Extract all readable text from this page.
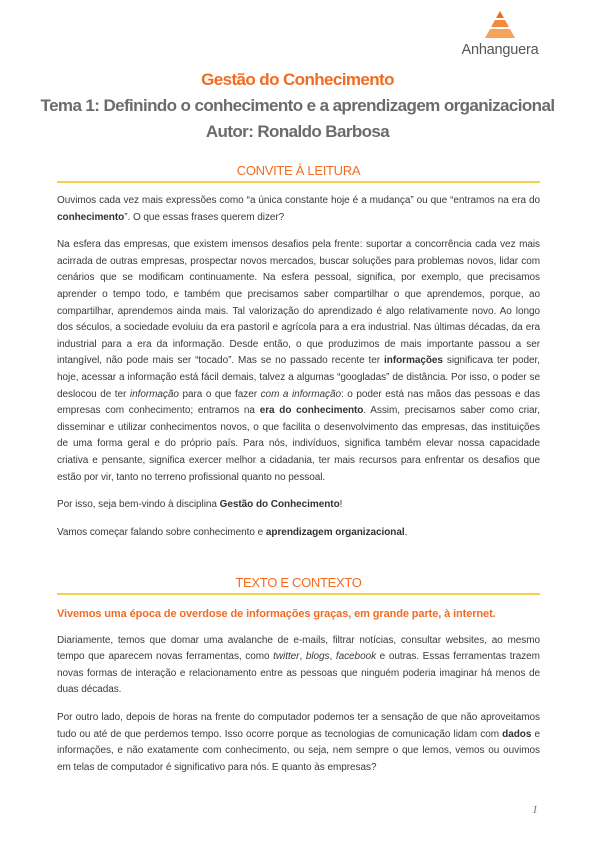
Anhanguera
Gestão do Conhecimento
Tema 1: Definindo o conhecimento e a aprendizagem organizacional
Autor: Ronaldo Barbosa
CONVITE À LEITURA

Ouvimos cada vez mais expressões como “a única constante hoje é a mudança” ou que “entramos na era do conhecimento”. O que essas frases querem dizer?

Na esfera das empresas, que existem imensos desafios pela frente: suportar a concorrência cada vez mais acirrada de outras empresas, prospectar novos mercados, buscar soluções para problemas novos, lidar com cenários que se modificam continuamente. Na esfera pessoal, significa, por exemplo, que precisamos aprender o tempo todo, e também que precisamos saber compartilhar o que aprendemos, porque, ao compartilhar, aprendemos ainda mais. Tal valorização do aprendizado é algo relativamente novo. Ao longo dos séculos, a sociedade evoluiu da era pastoril e agrícola para a era industrial. Nas últimas décadas, da era industrial para a era da informação. Desde então, o que produzimos de mais importante passou a ser intangível, não pode mais ser “tocado”. Mas se no passado recente ter informações significava ter poder, hoje, acessar a informação está fácil demais, talvez a algumas “googladas” de distância. Por isso, o poder se deslocou de ter informação para o que fazer com a informação: o poder está nas mãos das pessoas e das empresas com conhecimento; entramos na era do conhecimento. Assim, precisamos saber como criar, disseminar e utilizar conhecimentos novos, o que facilita o desenvolvimento das empresas, das instituições de uma forma geral e do próprio país. Para nós, indivíduos, significa também elevar nossa capacidade criativa e pensante, significa exercer melhor a cidadania, ter mais recursos para enfrentar os desafios que estão por vir, tanto no terreno profissional quanto no pessoal.

Por isso, seja bem-vindo à disciplina Gestão do Conhecimento!

Vamos começar falando sobre conhecimento e aprendizagem organizacional.

TEXTO E CONTEXTO

Vivemos uma época de overdose de informações graças, em grande parte, à internet.

Diariamente, temos que domar uma avalanche de e-mails, filtrar notícias, consultar websites, ao mesmo tempo que aparecem novas ferramentas, como twitter, blogs, facebook e outras. Essas ferramentas trazem novas formas de interação e relacionamento entre as pessoas que ninguém poderia imaginar há menos de duas décadas.

Por outro lado, depois de horas na frente do computador podemos ter a sensação de que não aproveitamos tudo ou até de que perdemos tempo. Isso ocorre porque as tecnologias de comunicação lidam com dados e informações, e não exatamente com conhecimento, ou seja, nem sempre o que lemos, vemos ou ouvimos em telas de computador é significativo para nós. E quanto às empresas?

1
